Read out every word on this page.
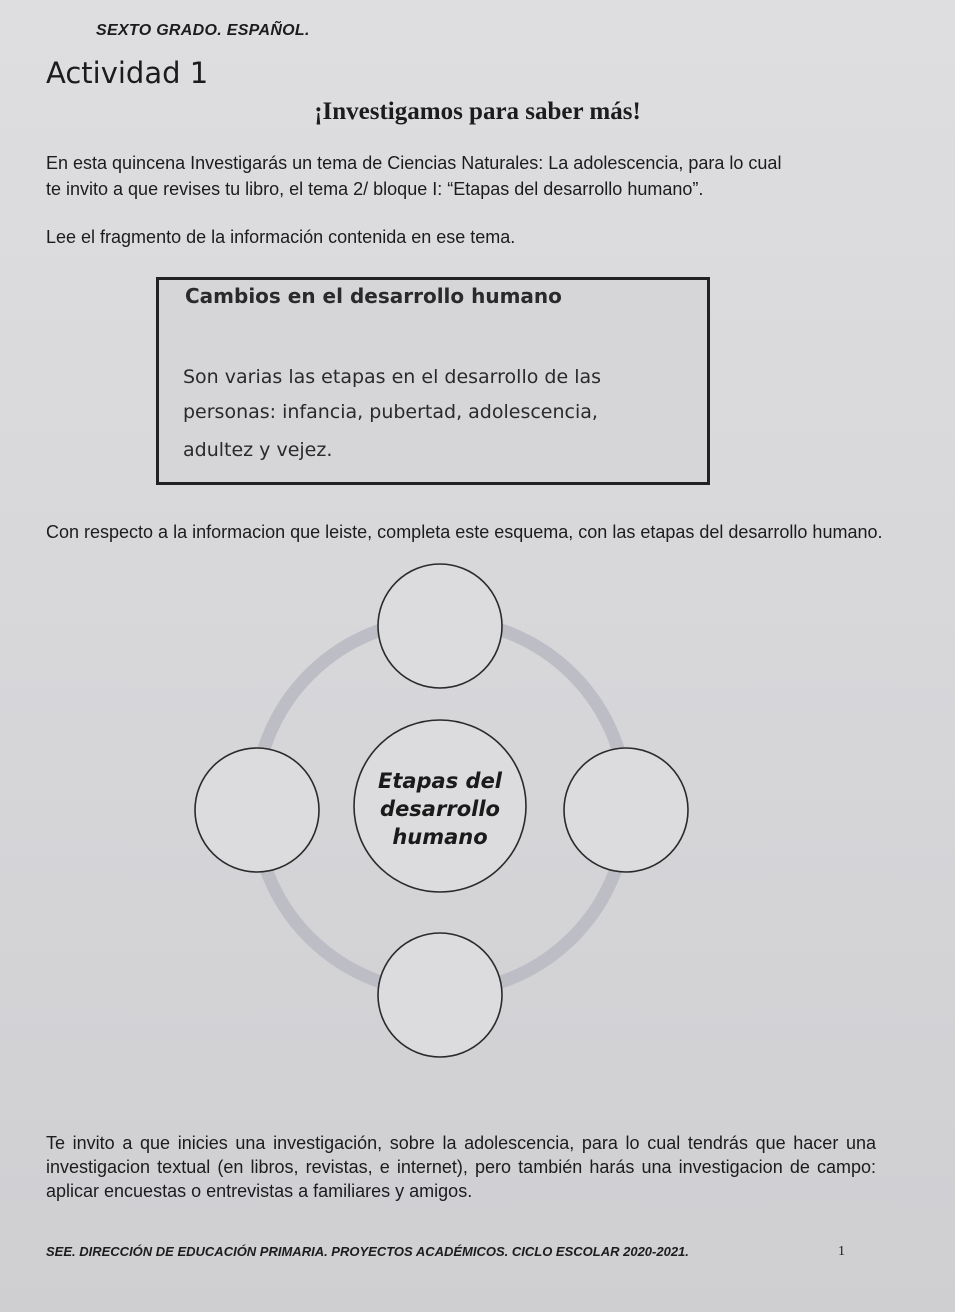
SEXTO GRADO. ESPAÑOL.
Actividad 1
¡Investigamos para saber más!
En esta quincena Investigarás un tema de Ciencias Naturales: La adolescencia, para lo cual
te invito a que revises tu libro, el tema 2/ bloque I: “Etapas del desarrollo humano”.
Lee el fragmento de la información contenida en ese tema.
Cambios en el desarrollo humano
Son varias las etapas en el desarrollo de las
personas: infancia, pubertad, adolescencia,
adultez y vejez.
Con respecto a la informacion que leiste, completa este esquema, con las etapas del desarrollo humano.
Etapas del
desarrollo
humano
Te invito a que inicies una investigación, sobre la adolescencia, para lo cual tendrás que hacer una investigacion textual (en libros, revistas, e internet), pero también harás una investigacion de campo: aplicar encuestas o entrevistas a familiares y amigos.
SEE. DIRECCIÓN DE EDUCACIÓN PRIMARIA. PROYECTOS ACADÉMICOS. CICLO ESCOLAR 2020-2021.	1
